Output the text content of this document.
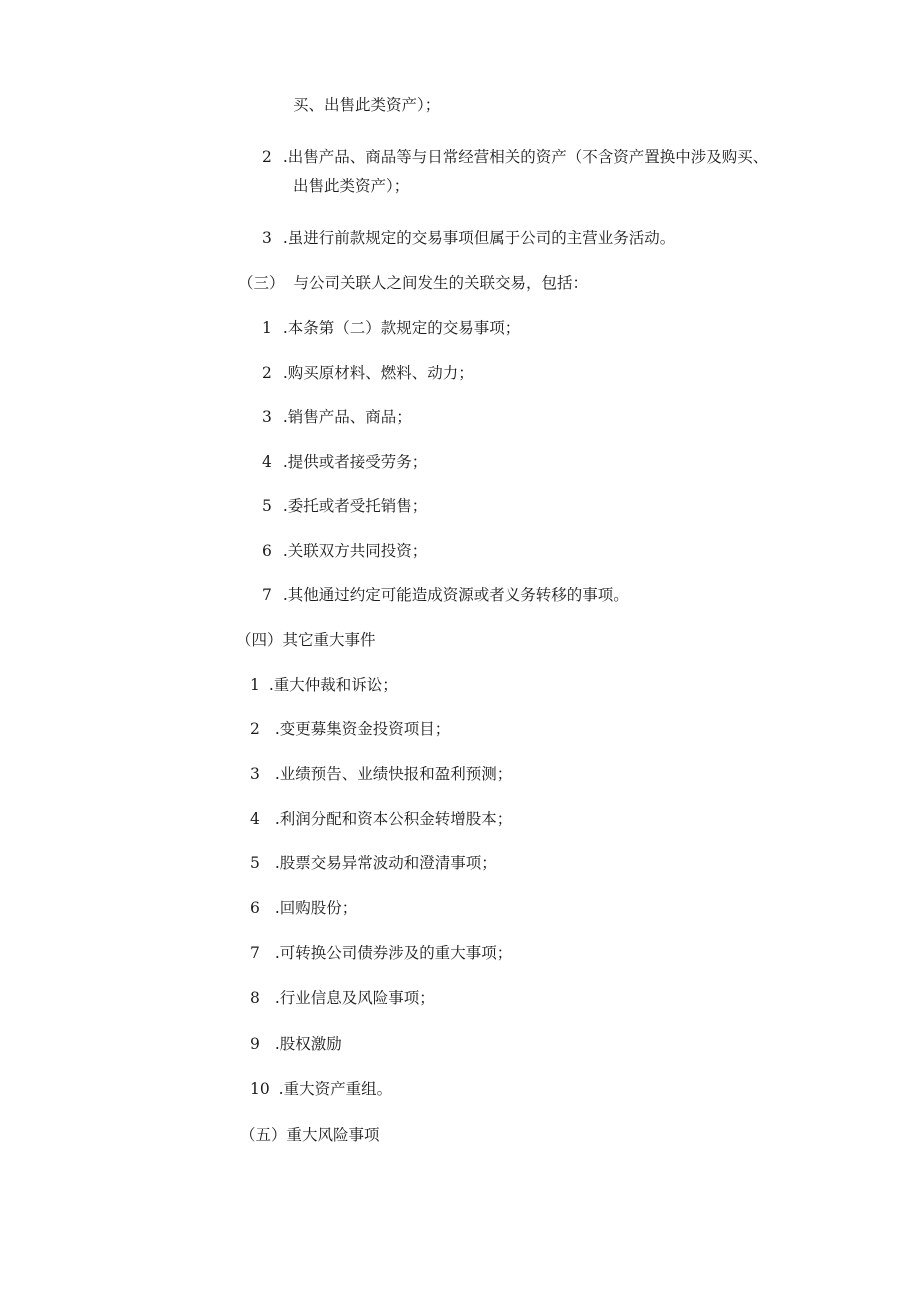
买、出售此类资产）；
2 .出售产品、商品等与日常经营相关的资产（不含资产置换中涉及购买、
出售此类资产）；
3 .虽进行前款规定的交易事项但属于公司的主营业务活动。
（三） 与公司关联人之间发生的关联交易，包括：
1 .本条第（二）款规定的交易事项；
2 .购买原材料、燃料、动力；
3 .销售产品、商品；
4 .提供或者接受劳务；
5 .委托或者受托销售；
6 .关联双方共同投资；
7 .其他通过约定可能造成资源或者义务转移的事项。
（四）其它重大事件
1 .重大仲裁和诉讼；
2 .变更募集资金投资项目；
3 .业绩预告、业绩快报和盈利预测；
4 .利润分配和资本公积金转增股本；
5 .股票交易异常波动和澄清事项；
6 .回购股份；
7 .可转换公司债券涉及的重大事项；
8 .行业信息及风险事项；
9 .股权激励
10 .重大资产重组。
（五）重大风险事项
